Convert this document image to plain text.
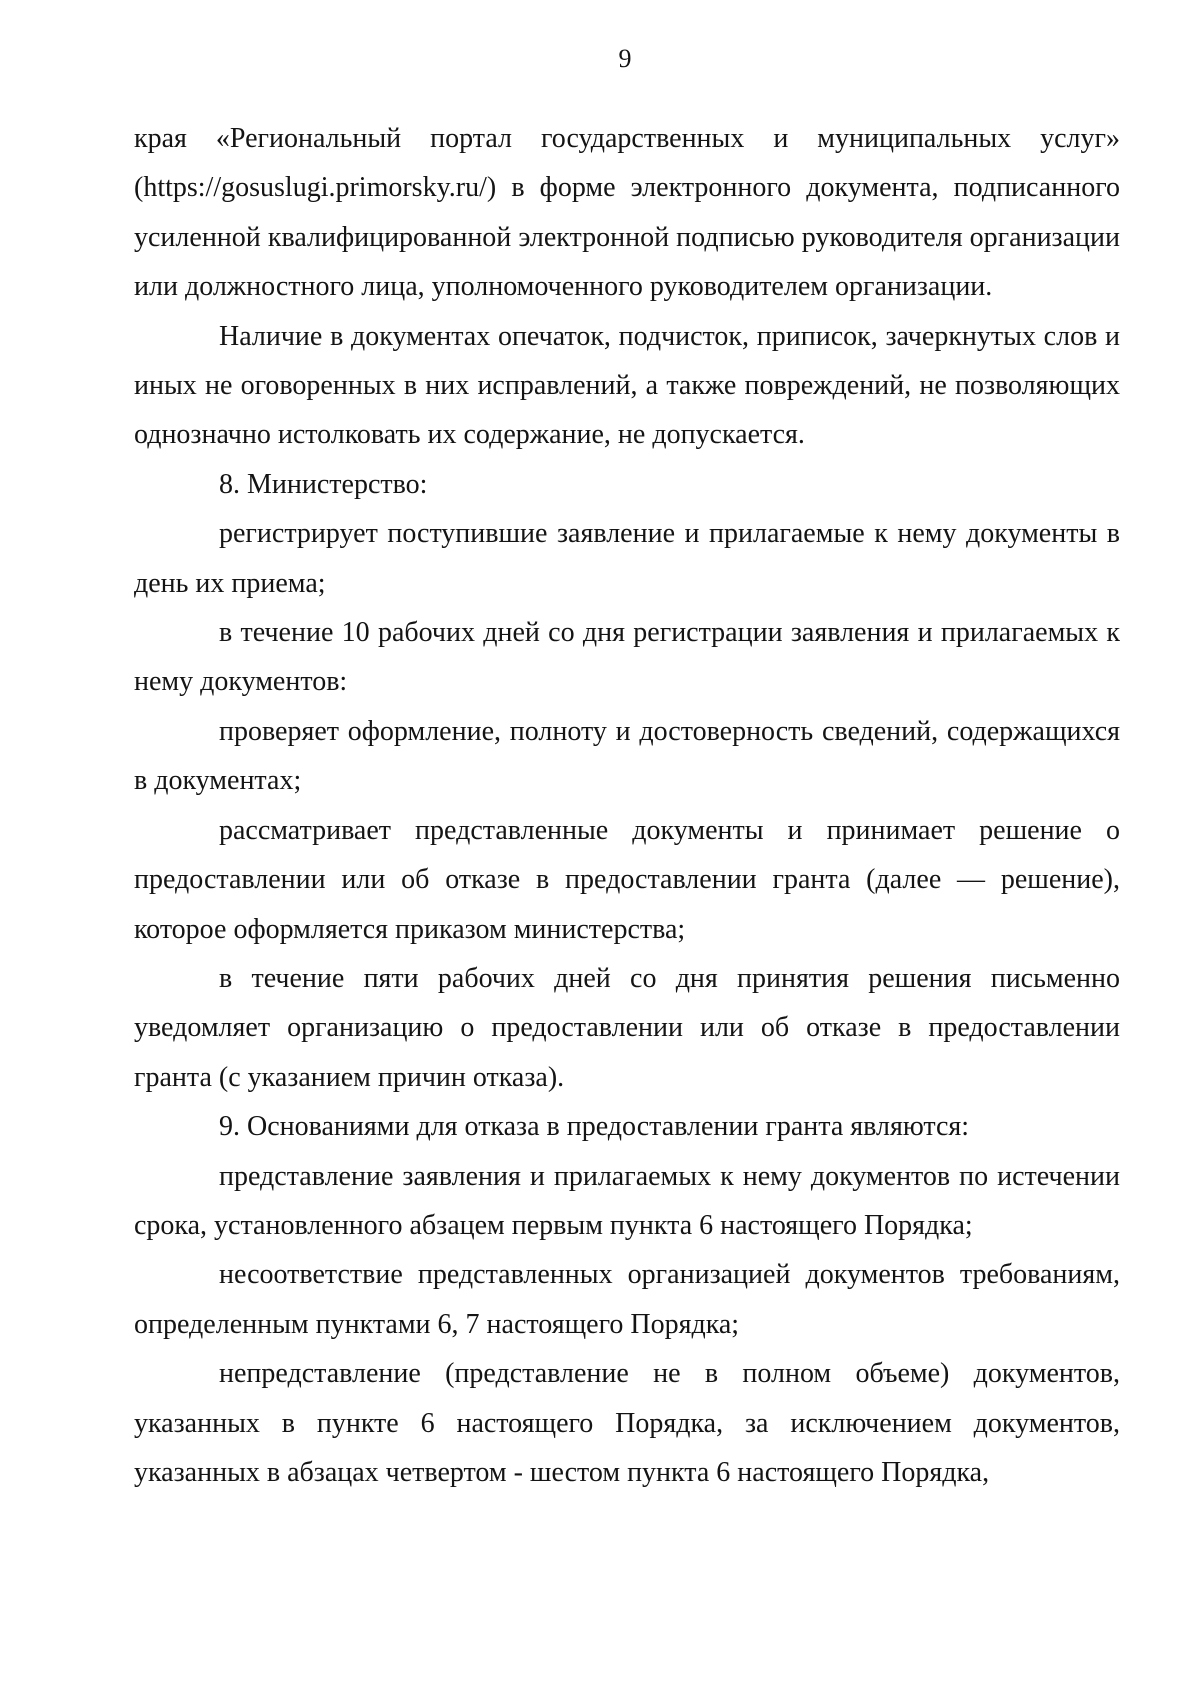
9

края «Региональный портал государственных и муниципальных услуг» (https://gosuslugi.primorsky.ru/) в форме электронного документа, подписанного усиленной квалифицированной электронной подписью руководителя организации или должностного лица, уполномоченного руководителем организации.

Наличие в документах опечаток, подчисток, приписок, зачеркнутых слов и иных не оговоренных в них исправлений, а также повреждений, не позволяющих однозначно истолковать их содержание, не допускается.

8. Министерство:

регистрирует поступившие заявление и прилагаемые к нему документы в день их приема;

в течение 10 рабочих дней со дня регистрации заявления и прилагаемых к нему документов:

проверяет оформление, полноту и достоверность сведений, содержащихся в документах;

рассматривает представленные документы и принимает решение о предоставлении или об отказе в предоставлении гранта (далее — решение), которое оформляется приказом министерства;

в течение пяти рабочих дней со дня принятия решения письменно уведомляет организацию о предоставлении или об отказе в предоставлении гранта (с указанием причин отказа).

9. Основаниями для отказа в предоставлении гранта являются:

представление заявления и прилагаемых к нему документов по истечении срока, установленного абзацем первым пункта 6 настоящего Порядка;

несоответствие представленных организацией документов требованиям, определенным пунктами 6, 7 настоящего Порядка;

непредставление (представление не в полном объеме) документов, указанных в пункте 6 настоящего Порядка, за исключением документов, указанных в абзацах четвертом - шестом пункта 6 настоящего Порядка,
